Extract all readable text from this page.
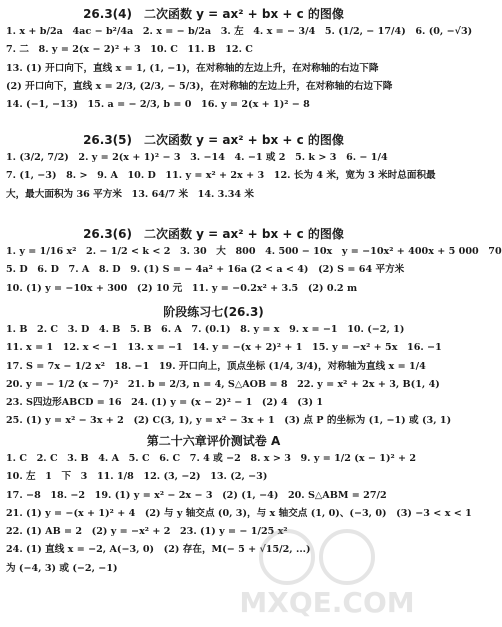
26.3(4)　二次函数 y = ax² + bx + c 的图像

1. x + b/2a　4ac − b²/4a　2. x = − b/2a　3. 左　4. x = − 3/4　5. (1/2, − 17/4)　6. (0, −√3)
7. 二　8. y = 2(x − 2)² + 3　10. C　11. B　12. C
13. (1) 开口向下，直线 x = 1, (1, −1)，在对称轴的左边上升，在对称轴的右边下降
(2) 开口向下，直线 x = 2/3, (2/3, − 5/3)，在对称轴的左边上升，在对称轴的右边下降
14. (−1, −13)　15. a = − 2/3, b = 0　16. y = 2(x + 1)² − 8

26.3(5)　二次函数 y = ax² + bx + c 的图像

1. (3/2, 7/2)　2. y = 2(x + 1)² − 3　3. −14　4. −1 或 2　5. k > 3　6. − 1/4
7. (1, −3)　8. >　9. A　10. D　11. y = x² + 2x + 3　12. 长为 4 米，宽为 3 米时总面积最
大，最大面积为 36 平方米　13. 64/7 米　14. 3.34 米

26.3(6)　二次函数 y = ax² + bx + c 的图像

1. y = 1/16 x²　2. − 1/2 < k < 2　3. 30　大　800　4. 500 − 10x　y = −10x² + 400x + 5 000　70
5. D　6. D　7. A　8. D　9. (1) S = − 4a² + 16a (2 < a < 4)　(2) S = 64 平方米
10. (1) y = −10x + 300　(2) 10 元　11. y = −0.2x² + 3.5　(2) 0.2 m

阶段练习七(26.3)

1. B　2. C　3. D　4. B　5. B　6. A　7. (0.1)　8. y = x　9. x = −1　10. (−2, 1)
11. x = 1　12. x < −1　13. x = −1　14. y = −(x + 2)² + 1　15. y = −x² + 5x　16. −1
17. S = 7x − 1/2 x²　18. −1　19. 开口向上，顶点坐标 (1/4, 3/4)，对称轴为直线 x = 1/4
20. y = − 1/2 (x − 7)²　21. b = 2/3, n = 4, S△AOB = 8　22. y = x² + 2x + 3, B(1, 4)
23. S四边形ABCD = 16　24. (1) y = (x − 2)² − 1　(2) 4　(3) 1
25. (1) y = x² − 3x + 2　(2) C(3, 1), y = x² − 3x + 1　(3) 点 P 的坐标为 (1, −1) 或 (3, 1)

第二十六章评价测试卷 A

1. C　2. C　3. B　4. A　5. C　6. C　7. 4 或 −2　8. x > 3　9. y = 1/2 (x − 1)² + 2
10. 左　1　下　3　11. 1/8　12. (3, −2)　13. (2, −3)
17. −8　18. −2　19. (1) y = x² − 2x − 3　(2) (1, −4)　20. S△ABM = 27/2
21. (1) y = −(x + 1)² + 4　(2) 与 y 轴交点 (0, 3)，与 x 轴交点 (1, 0)、(−3, 0)　(3) −3 < x < 1
22. (1) AB = 2　(2) y = −x² + 2　23. (1) y = − 1/25 x²
24. (1) 直线 x = −2, A(−3, 0)　(2) 存在，M(− 5 + √15/2, ...)
为 (−4, 3) 或 (−2, −1)
MXQE.COM
